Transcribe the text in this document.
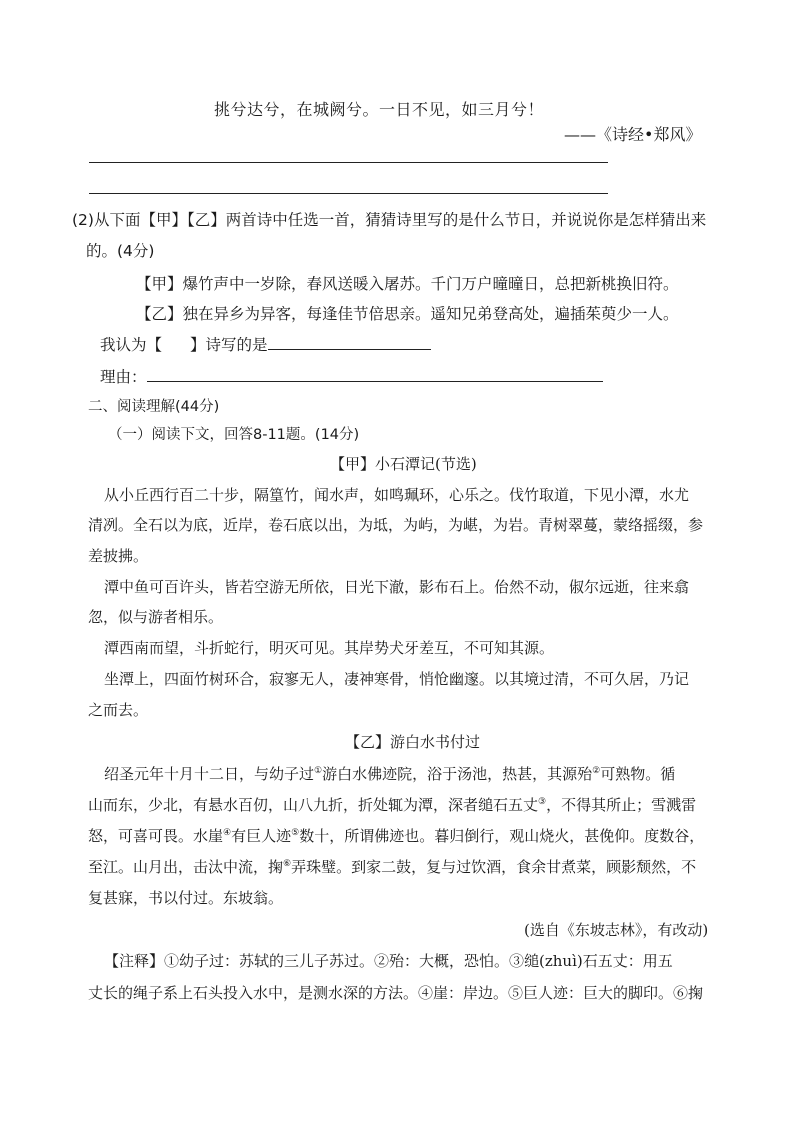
挑兮达兮，在城阙兮。一日不见，如三月兮！
——《诗经•郑风》
(2)从下面【甲】【乙】两首诗中任选一首，猜猜诗里写的是什么节日，并说说你是怎样猜出来
的。(4分)
【甲】爆竹声中一岁除，春风送暖入屠苏。千门万户曈曈日，总把新桃换旧符。
【乙】独在异乡为异客，每逢佳节倍思亲。遥知兄弟登高处，遍插茱萸少一人。
我认为【 】诗写的是
理由：
二、阅读理解(44分)
（一）阅读下文，回答8-11题。(14分)
【甲】小石潭记(节选)
从小丘西行百二十步，隔篁竹，闻水声，如鸣珮环，心乐之。伐竹取道，下见小潭，水尤
清冽。全石以为底，近岸，卷石底以出，为坻，为屿，为嵁，为岩。青树翠蔓，蒙络摇缀，参
差披拂。
潭中鱼可百许头，皆若空游无所依，日光下澈，影布石上。佁然不动，俶尔远逝，往来翕
忽，似与游者相乐。
潭西南而望，斗折蛇行，明灭可见。其岸势犬牙差互，不可知其源。
坐潭上，四面竹树环合，寂寥无人，凄神寒骨，悄怆幽邃。以其境过清，不可久居，乃记
之而去。
【乙】游白水书付过
绍圣元年十月十二日，与幼子过①游白水佛迹院，浴于汤池，热甚，其源殆②可熟物。循
山而东，少北，有悬水百仞，山八九折，折处辄为潭，深者缒石五丈③，不得其所止；雪溅雷
怒，可喜可畏。水崖④有巨人迹⑤数十，所谓佛迹也。暮归倒行，观山烧火，甚俛仰。度数谷，
至江。山月出，击汰中流，掬⑥弄珠璧。到家二鼓，复与过饮酒，食余甘煮菜，顾影颓然，不
复甚寐，书以付过。东坡翁。
(选自《东坡志林》，有改动)
【注释】①幼子过：苏轼的三儿子苏过。②殆：大概，恐怕。③缒(zhuì)石五丈：用五
丈长的绳子系上石头投入水中，是测水深的方法。④崖：岸边。⑤巨人迹：巨大的脚印。⑥掬
